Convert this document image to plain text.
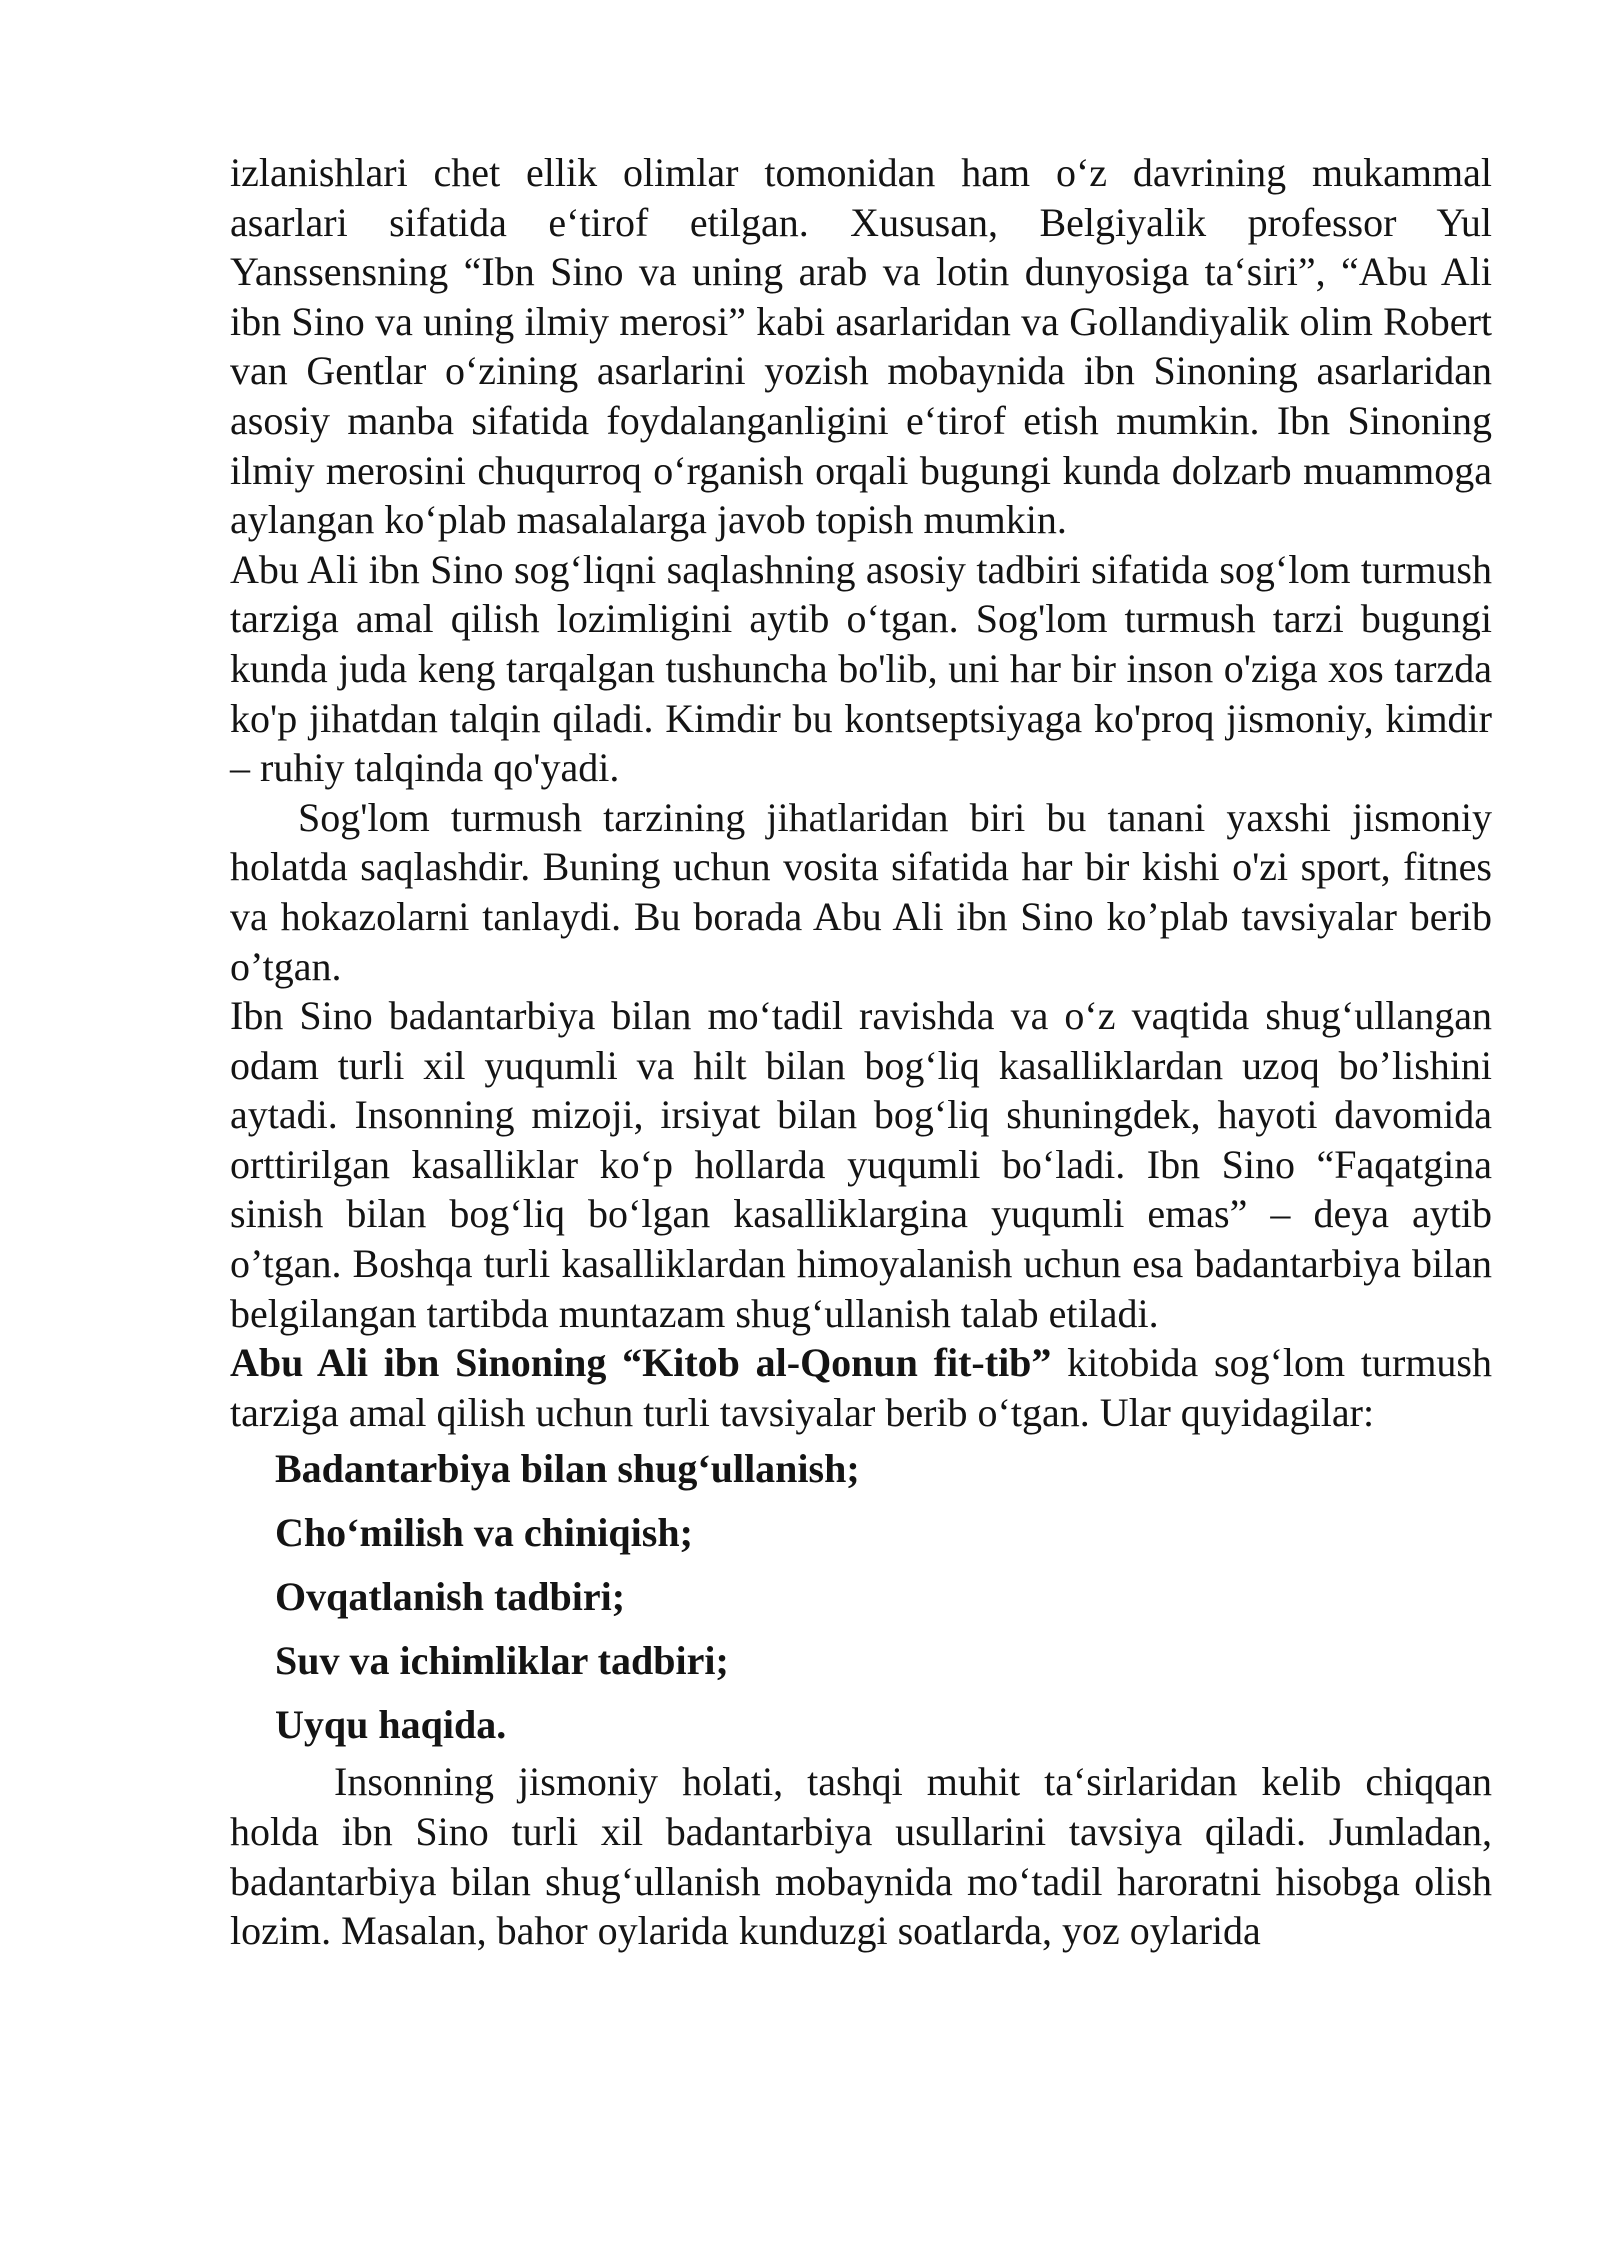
izlanishlari chet ellik olimlar tomonidan ham o‘z davrining mukammal asarlari sifatida e‘tirof etilgan. Xususan, Belgiyalik professor Yul Yanssensning “Ibn Sino va uning arab va lotin dunyosiga ta‘siri”, “Abu Ali ibn Sino va uning ilmiy merosi” kabi asarlaridan va Gollandiyalik olim Robert van Gentlar o‘zining asarlarini yozish mobaynida ibn Sinoning asarlaridan asosiy manba sifatida foydalanganligini e‘tirof etish mumkin. Ibn Sinoning ilmiy merosini chuqurroq o‘rganish orqali bugungi kunda dolzarb muammoga aylangan ko‘plab masalalarga javob topish mumkin.

Abu Ali ibn Sino sog‘liqni saqlashning asosiy tadbiri sifatida sog‘lom turmush tarziga amal qilish lozimligini aytib o‘tgan. Sog'lom turmush tarzi bugungi kunda juda keng tarqalgan tushuncha bo'lib, uni har bir inson o'ziga xos tarzda ko'p jihatdan talqin qiladi. Kimdir bu kontseptsiyaga ko'proq jismoniy, kimdir – ruhiy talqinda qo'yadi.

Sog'lom turmush tarzining jihatlaridan biri bu tanani yaxshi jismoniy holatda saqlashdir. Buning uchun vosita sifatida har bir kishi o'zi sport, fitnes va hokazolarni tanlaydi. Bu borada Abu Ali ibn Sino ko’plab tavsiyalar berib o’tgan.

Ibn Sino badantarbiya bilan mo‘tadil ravishda va o‘z vaqtida shug‘ullangan odam turli xil yuqumli va hilt bilan bog‘liq kasalliklardan uzoq bo’lishini aytadi. Insonning mizoji, irsiyat bilan bog‘liq shuningdek, hayoti davomida orttirilgan kasalliklar ko‘p hollarda yuqumli bo‘ladi. Ibn Sino “Faqatgina sinish bilan bog‘liq bo‘lgan kasalliklargina yuqumli emas” – deya aytib o’tgan. Boshqa turli kasalliklardan himoyalanish uchun esa badantarbiya bilan belgilangan tartibda muntazam shug‘ullanish talab etiladi.

Abu Ali ibn Sinoning “Kitob al-Qonun fit-tib” kitobida sog‘lom turmush tarziga amal qilish uchun turli tavsiyalar berib o‘tgan. Ular quyidagilar:

Badantarbiya bilan shug‘ullanish;
Cho‘milish va chiniqish;
Ovqatlanish tadbiri;
Suv va ichimliklar tadbiri;
Uyqu haqida.

Insonning jismoniy holati, tashqi muhit ta‘sirlaridan kelib chiqqan holda ibn Sino turli xil badantarbiya usullarini tavsiya qiladi. Jumladan, badantarbiya bilan shug‘ullanish mobaynida mo‘tadil haroratni hisobga olish lozim. Masalan, bahor oylarida kunduzgi soatlarda, yoz oylarida
